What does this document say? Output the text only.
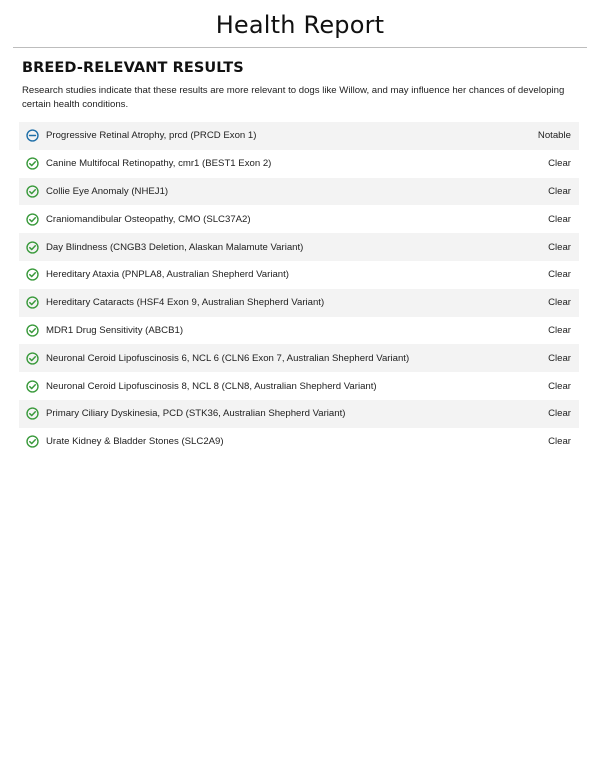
Health Report
BREED-RELEVANT RESULTS
Research studies indicate that these results are more relevant to dogs like Willow, and may influence her chances of developing certain health conditions.
Progressive Retinal Atrophy, prcd (PRCD Exon 1)	Notable
Canine Multifocal Retinopathy, cmr1 (BEST1 Exon 2)	Clear
Collie Eye Anomaly (NHEJ1)	Clear
Craniomandibular Osteopathy, CMO (SLC37A2)	Clear
Day Blindness (CNGB3 Deletion, Alaskan Malamute Variant)	Clear
Hereditary Ataxia (PNPLA8, Australian Shepherd Variant)	Clear
Hereditary Cataracts (HSF4 Exon 9, Australian Shepherd Variant)	Clear
MDR1 Drug Sensitivity (ABCB1)	Clear
Neuronal Ceroid Lipofuscinosis 6, NCL 6 (CLN6 Exon 7, Australian Shepherd Variant)	Clear
Neuronal Ceroid Lipofuscinosis 8, NCL 8 (CLN8, Australian Shepherd Variant)	Clear
Primary Ciliary Dyskinesia, PCD (STK36, Australian Shepherd Variant)	Clear
Urate Kidney & Bladder Stones (SLC2A9)	Clear
